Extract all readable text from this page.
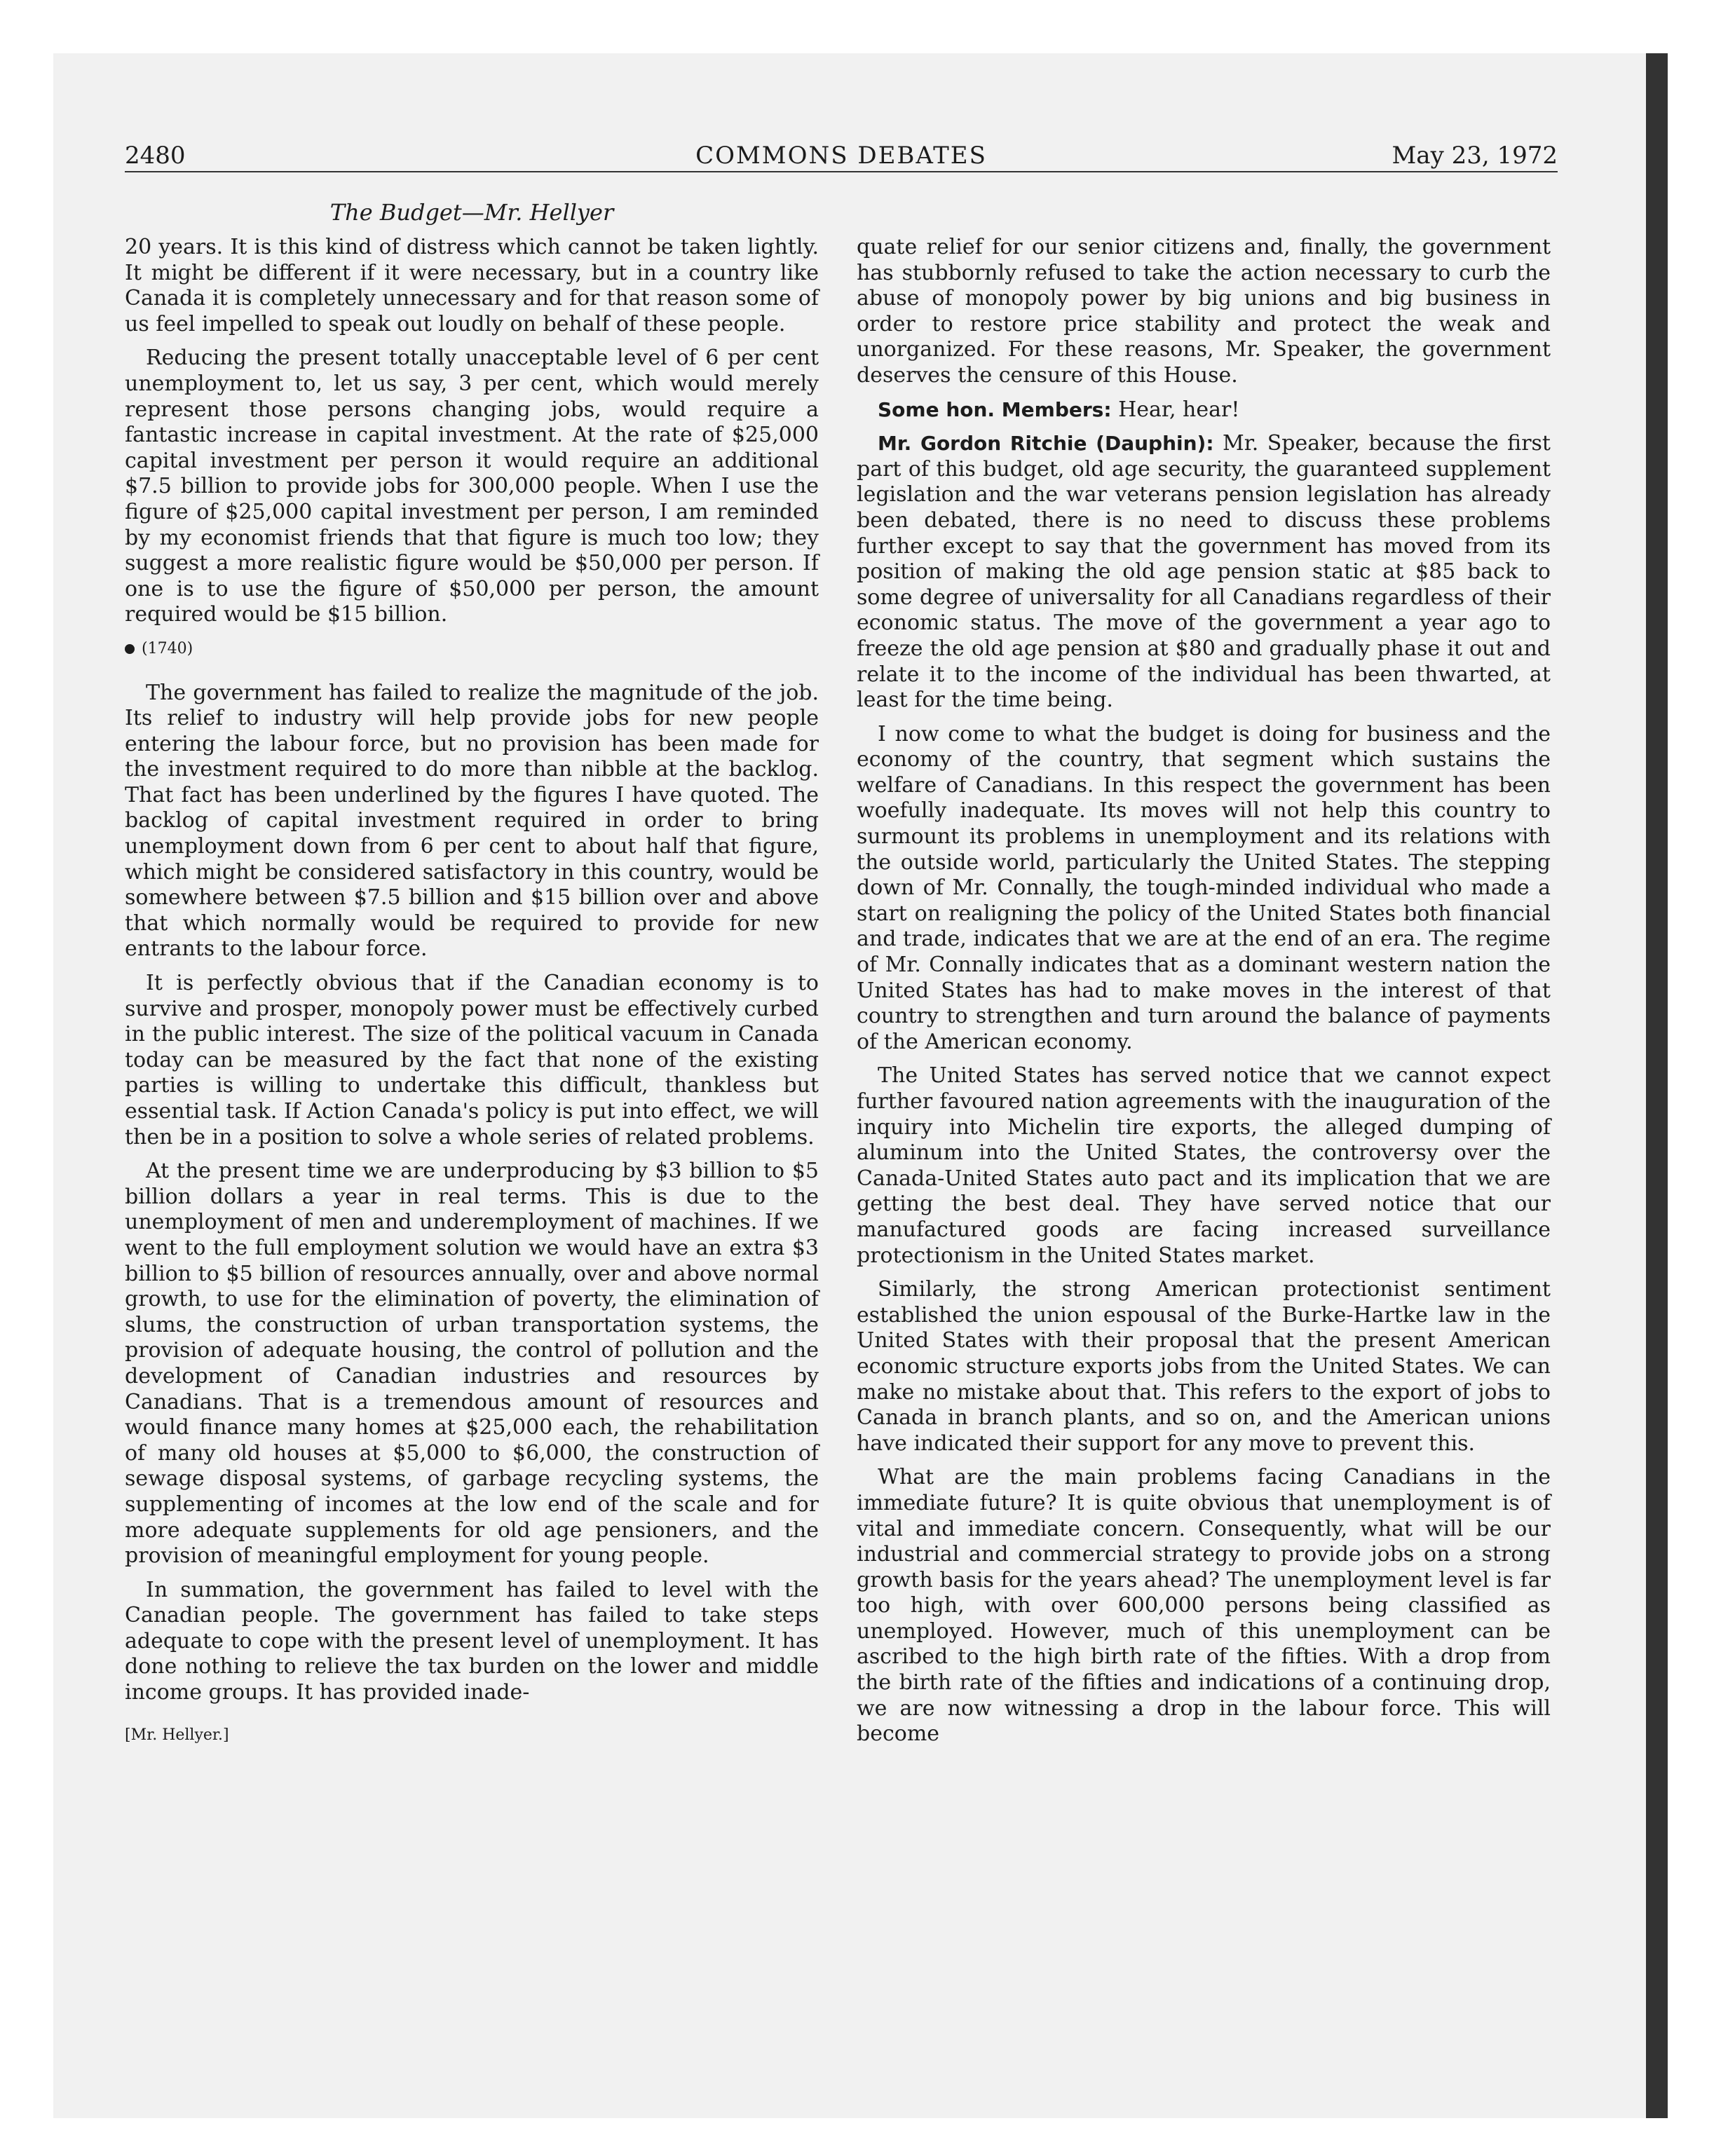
2480	COMMONS DEBATES	May 23, 1972
The Budget—Mr. Hellyer

20 years. It is this kind of distress which cannot be taken lightly. It might be different if it were necessary, but in a country like Canada it is completely unnecessary and for that reason some of us feel impelled to speak out loudly on behalf of these people.

Reducing the present totally unacceptable level of 6 per cent unemployment to, let us say, 3 per cent, which would merely represent those persons changing jobs, would require a fantastic increase in capital investment. At the rate of $25,000 capital investment per person it would require an additional $7.5 billion to provide jobs for 300,000 people. When I use the figure of $25,000 capital investment per person, I am reminded by my economist friends that that figure is much too low; they suggest a more realistic figure would be $50,000 per person. If one is to use the figure of $50,000 per person, the amount required would be $15 billion.

(1740)

The government has failed to realize the magnitude of the job. Its relief to industry will help provide jobs for new people entering the labour force, but no provision has been made for the investment required to do more than nibble at the backlog. That fact has been underlined by the figures I have quoted. The backlog of capital investment required in order to bring unemployment down from 6 per cent to about half that figure, which might be considered satisfactory in this country, would be somewhere between $7.5 billion and $15 billion over and above that which normally would be required to provide for new entrants to the labour force.

It is perfectly obvious that if the Canadian economy is to survive and prosper, monopoly power must be effectively curbed in the public interest. The size of the political vacuum in Canada today can be measured by the fact that none of the existing parties is willing to undertake this difficult, thankless but essential task. If Action Canada's policy is put into effect, we will then be in a position to solve a whole series of related problems.

At the present time we are underproducing by $3 billion to $5 billion dollars a year in real terms. This is due to the unemployment of men and underemployment of machines. If we went to the full employment solution we would have an extra $3 billion to $5 billion of resources annually, over and above normal growth, to use for the elimination of poverty, the elimination of slums, the construction of urban transportation systems, the provision of adequate housing, the control of pollution and the development of Canadian industries and resources by Canadians. That is a tremendous amount of resources and would finance many homes at $25,000 each, the rehabilitation of many old houses at $5,000 to $6,000, the construction of sewage disposal systems, of garbage recycling systems, the supplementing of incomes at the low end of the scale and for more adequate supplements for old age pensioners, and the provision of meaningful employment for young people.

In summation, the government has failed to level with the Canadian people. The government has failed to take steps adequate to cope with the present level of unemployment. It has done nothing to relieve the tax burden on the lower and middle income groups. It has provided inade-

[Mr. Hellyer.]

quate relief for our senior citizens and, finally, the government has stubbornly refused to take the action necessary to curb the abuse of monopoly power by big unions and big business in order to restore price stability and protect the weak and unorganized. For these reasons, Mr. Speaker, the government deserves the censure of this House.

Some hon. Members: Hear, hear!

Mr. Gordon Ritchie (Dauphin): Mr. Speaker, because the first part of this budget, old age security, the guaranteed supplement legislation and the war veterans pension legislation has already been debated, there is no need to discuss these problems further except to say that the government has moved from its position of making the old age pension static at $85 back to some degree of universality for all Canadians regardless of their economic status. The move of the government a year ago to freeze the old age pension at $80 and gradually phase it out and relate it to the income of the individual has been thwarted, at least for the time being.

I now come to what the budget is doing for business and the economy of the country, that segment which sustains the welfare of Canadians. In this respect the government has been woefully inadequate. Its moves will not help this country to surmount its problems in unemployment and its relations with the outside world, particularly the United States. The stepping down of Mr. Connally, the tough-minded individual who made a start on realigning the policy of the United States both financial and trade, indicates that we are at the end of an era. The regime of Mr. Connally indicates that as a dominant western nation the United States has had to make moves in the interest of that country to strengthen and turn around the balance of payments of the American economy.

The United States has served notice that we cannot expect further favoured nation agreements with the inauguration of the inquiry into Michelin tire exports, the alleged dumping of aluminum into the United States, the controversy over the Canada-United States auto pact and its implication that we are getting the best deal. They have served notice that our manufactured goods are facing increased surveillance protectionism in the United States market.

Similarly, the strong American protectionist sentiment established the union espousal of the Burke-Hartke law in the United States with their proposal that the present American economic structure exports jobs from the United States. We can make no mistake about that. This refers to the export of jobs to Canada in branch plants, and so on, and the American unions have indicated their support for any move to prevent this.

What are the main problems facing Canadians in the immediate future? It is quite obvious that unemployment is of vital and immediate concern. Consequently, what will be our industrial and commercial strategy to provide jobs on a strong growth basis for the years ahead? The unemployment level is far too high, with over 600,000 persons being classified as unemployed. However, much of this unemployment can be ascribed to the high birth rate of the fifties. With a drop from the birth rate of the fifties and indications of a continuing drop, we are now witnessing a drop in the labour force. This will become
